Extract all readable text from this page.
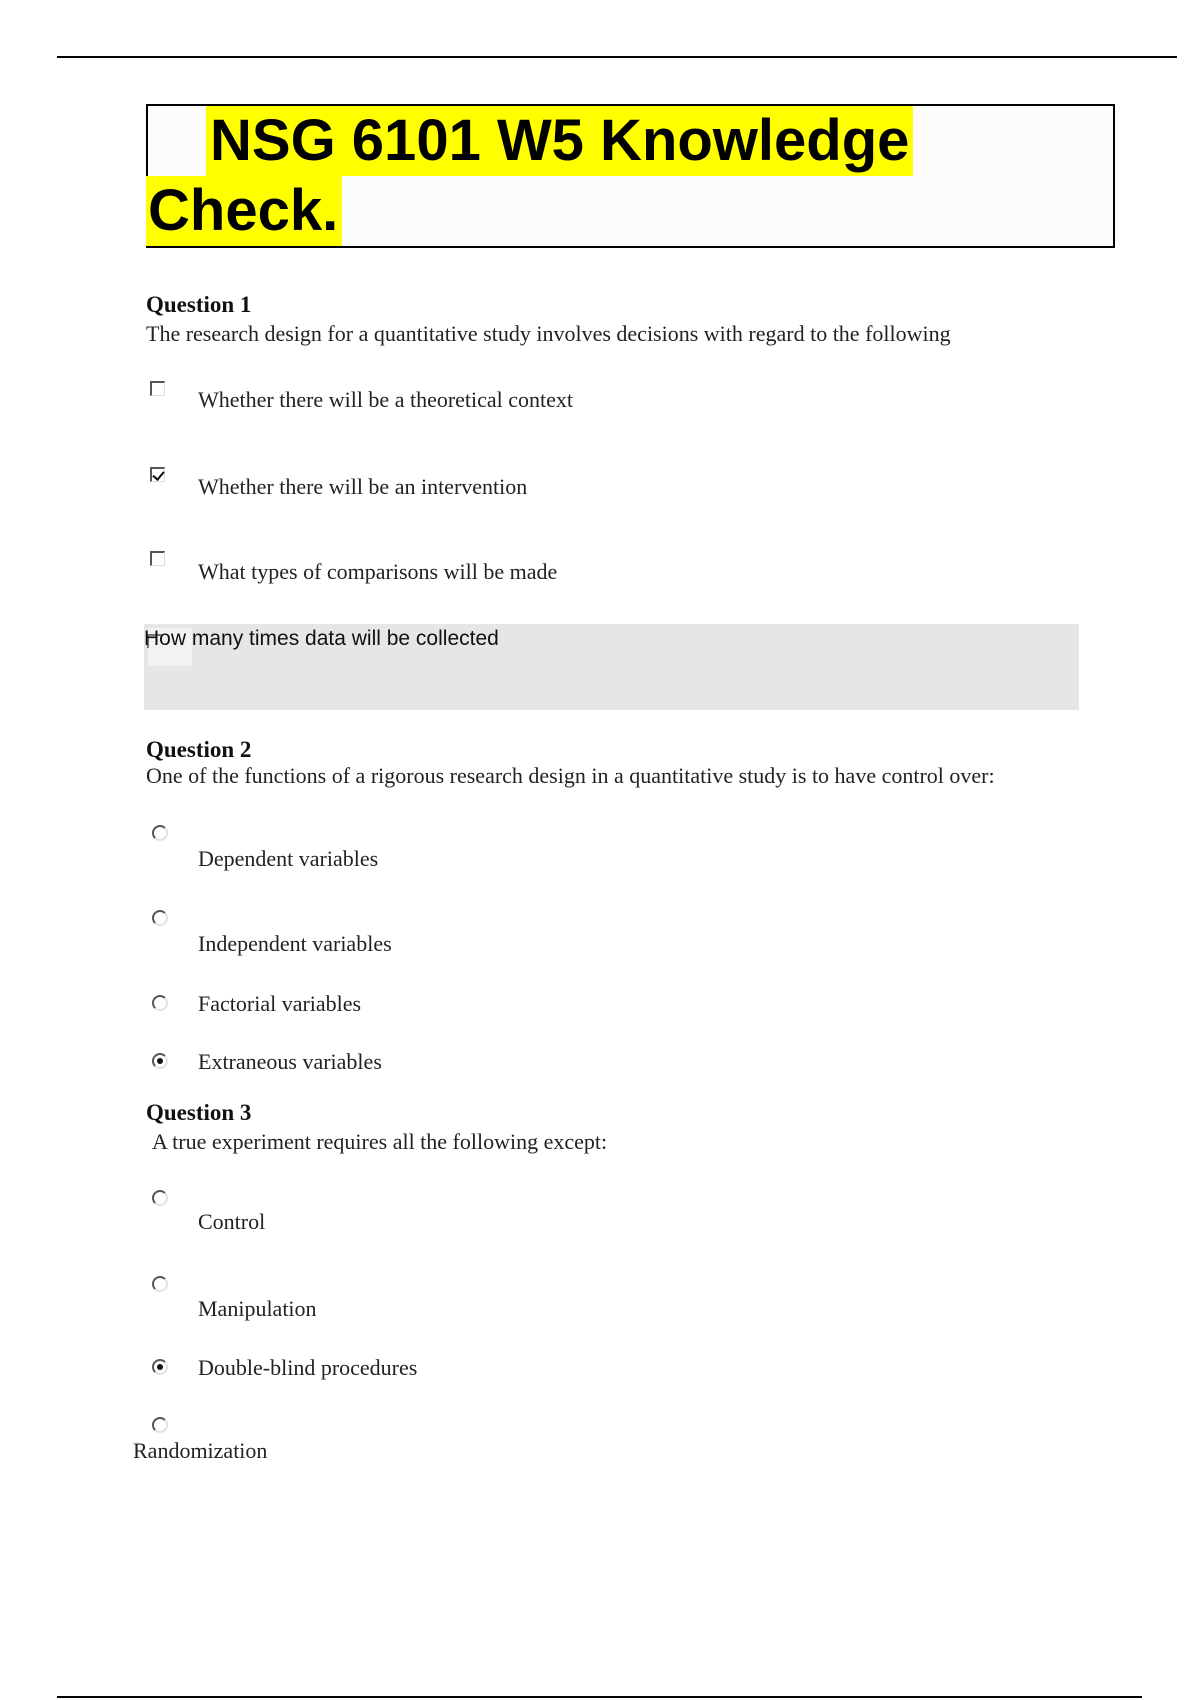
NSG 6101 W5 Knowledge
Check.
Question 1
The research design for a quantitative study involves decisions with regard to the following
Whether there will be a theoretical context
Whether there will be an intervention
What types of comparisons will be made
How many times data will be collected
Question 2
One of the functions of a rigorous research design in a quantitative study is to have control over:
Dependent variables
Independent variables
Factorial variables
Extraneous variables
Question 3
A true experiment requires all the following except:
Control
Manipulation
Double-blind procedures
Randomization
